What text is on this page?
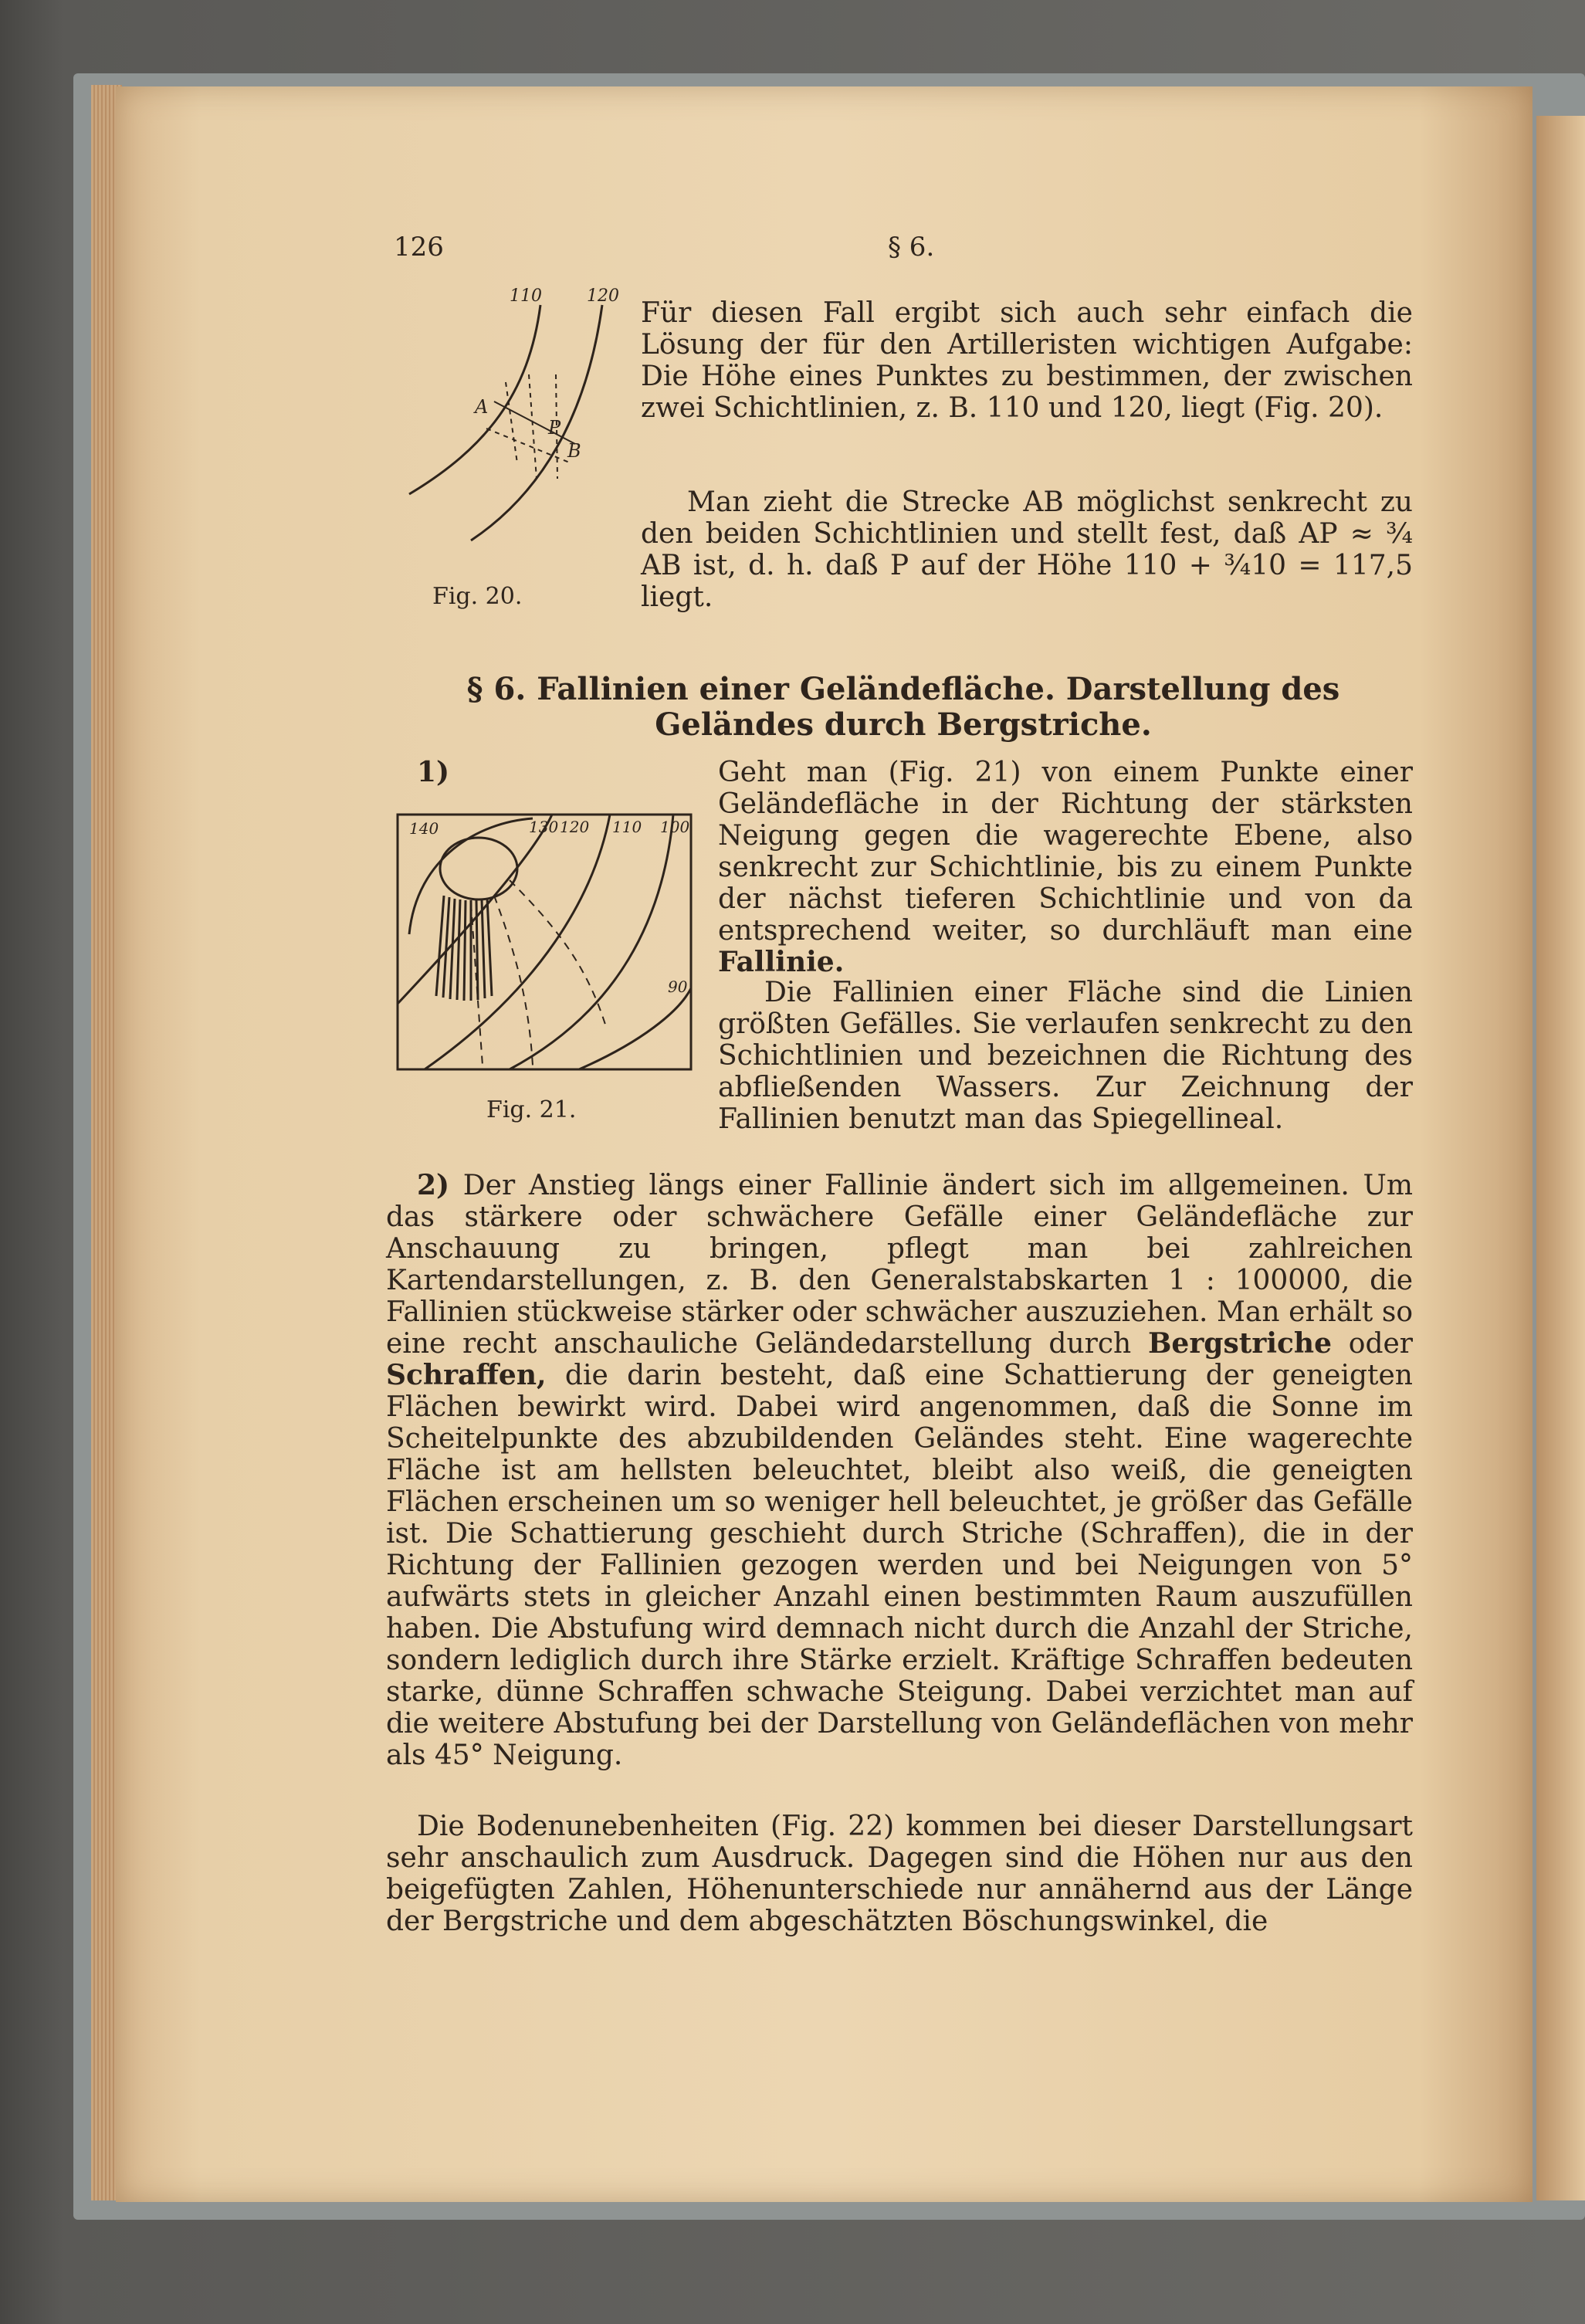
126	§ 6.
110	120
A
P
B
Fig. 20.

Für diesen Fall ergibt sich auch sehr einfach die Lösung der für den Artilleristen wichtigen Aufgabe: Die Höhe eines Punktes zu bestimmen, der zwischen zwei Schichtlinien, z. B. 110 und 120, liegt (Fig. 20).

Man zieht die Strecke AB möglichst senkrecht zu den beiden Schichtlinien und stellt fest, daß AP ≈ ¾ AB ist, d. h. daß P auf der Höhe 110 + ¾10 = 117,5 liegt.

§ 6. Fallinien einer Geländefläche. Darstellung des Geländes durch Bergstriche.
140	130 120 110 100
90
Fig. 21.

1)	Geht man (Fig. 21) von einem Punkte einer Geländefläche in der Richtung der stärksten Neigung gegen die wagerechte Ebene, also senkrecht zur Schichtlinie, bis zu einem Punkte der nächst tieferen Schichtlinie und von da entsprechend weiter, so durchläuft man eine Fallinie.

Die Fallinien einer Fläche sind die Linien größten Gefälles. Sie verlaufen senkrecht zu den Schichtlinien und bezeichnen die Richtung des abfließenden Wassers. Zur Zeichnung der Fallinien benutzt man das Spiegellineal.

2) Der Anstieg längs einer Fallinie ändert sich im allgemeinen. Um das stärkere oder schwächere Gefälle einer Geländefläche zur Anschauung zu bringen, pflegt man bei zahlreichen Kartendarstellungen, z. B. den Generalstabskarten 1 : 100000, die Fallinien stückweise stärker oder schwächer auszuziehen. Man erhält so eine recht anschauliche Geländedarstellung durch Bergstriche oder Schraffen, die darin besteht, daß eine Schattierung der geneigten Flächen bewirkt wird. Dabei wird angenommen, daß die Sonne im Scheitelpunkte des abzubildenden Geländes steht. Eine wagerechte Fläche ist am hellsten beleuchtet, bleibt also weiß, die geneigten Flächen erscheinen um so weniger hell beleuchtet, je größer das Gefälle ist. Die Schattierung geschieht durch Striche (Schraffen), die in der Richtung der Fallinien gezogen werden und bei Neigungen von 5° aufwärts stets in gleicher Anzahl einen bestimmten Raum auszufüllen haben. Die Abstufung wird demnach nicht durch die Anzahl der Striche, sondern lediglich durch ihre Stärke erzielt. Kräftige Schraffen bedeuten starke, dünne Schraffen schwache Steigung. Dabei verzichtet man auf die weitere Abstufung bei der Darstellung von Geländeflächen von mehr als 45° Neigung.

Die Bodenunebenheiten (Fig. 22) kommen bei dieser Darstellungsart sehr anschaulich zum Ausdruck. Dagegen sind die Höhen nur aus den beigefügten Zahlen, Höhenunterschiede nur annähernd aus der Länge der Bergstriche und dem abgeschätzten Böschungswinkel, die
